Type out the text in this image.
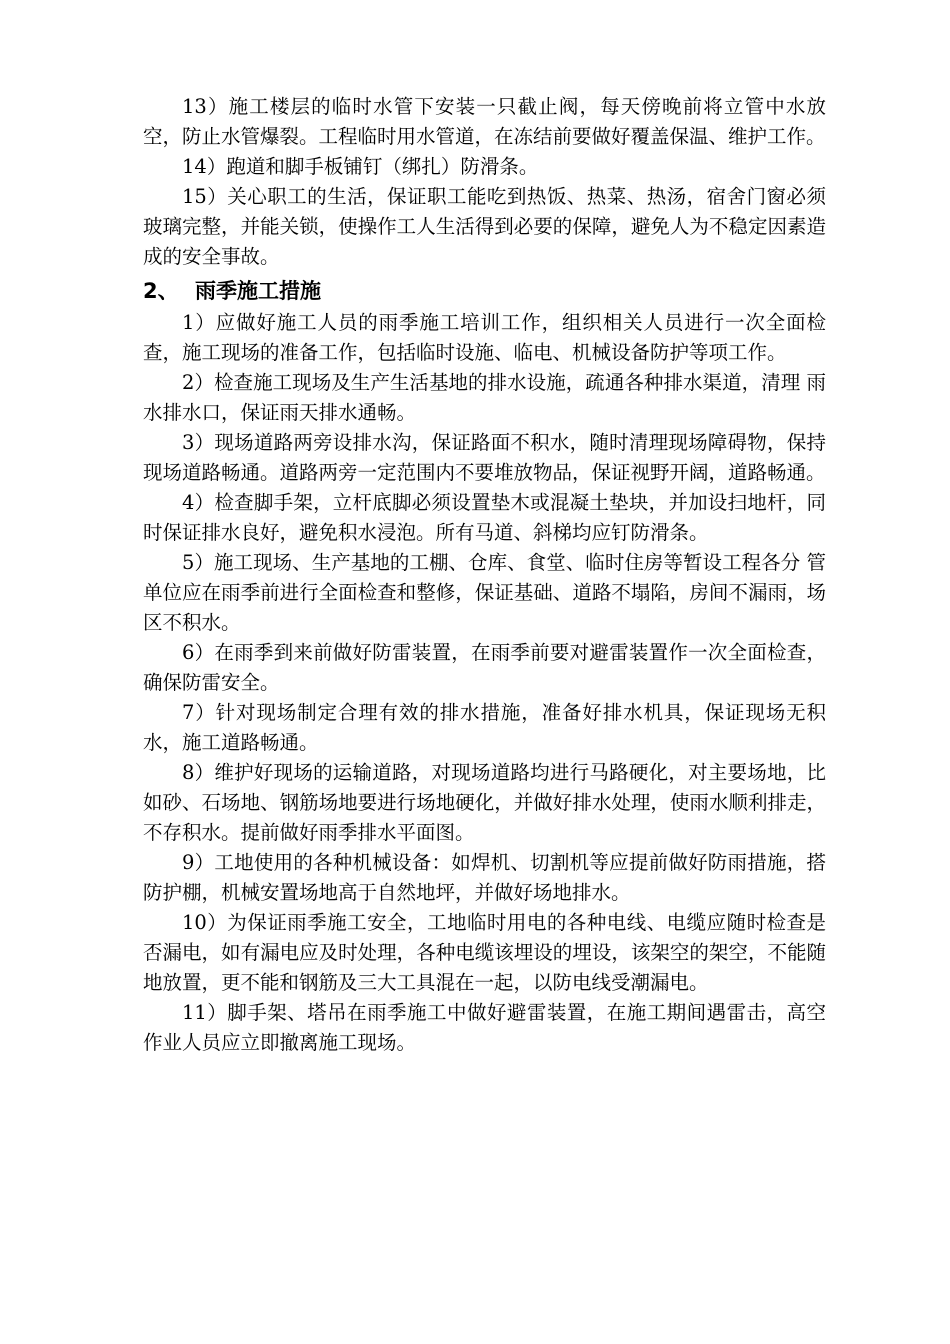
13）施工楼层的临时水管下安装一只截止阀，每天傍晚前将立管中水放空，防止水管爆裂。工程临时用水管道，在冻结前要做好覆盖保温、维护工作。

14）跑道和脚手板铺钉（绑扎）防滑条。

15）关心职工的生活，保证职工能吃到热饭、热菜、热汤，宿舍门窗必须玻璃完整，并能关锁，使操作工人生活得到必要的保障，避免人为不稳定因素造成的安全事故。

2、 雨季施工措施

1）应做好施工人员的雨季施工培训工作，组织相关人员进行一次全面检查，施工现场的准备工作，包括临时设施、临电、机械设备防护等项工作。

2）检查施工现场及生产生活基地的排水设施，疏通各种排水渠道，清理 雨水排水口，保证雨天排水通畅。

3）现场道路两旁设排水沟，保证路面不积水，随时清理现场障碍物，保持现场道路畅通。道路两旁一定范围内不要堆放物品，保证视野开阔，道路畅通。

4）检查脚手架，立杆底脚必须设置垫木或混凝土垫块，并加设扫地杆，同时保证排水良好，避免积水浸泡。所有马道、斜梯均应钉防滑条。

5）施工现场、生产基地的工棚、仓库、食堂、临时住房等暂设工程各分 管单位应在雨季前进行全面检查和整修，保证基础、道路不塌陷，房间不漏雨，场区不积水。

6）在雨季到来前做好防雷装置，在雨季前要对避雷装置作一次全面检查，确保防雷安全。

7）针对现场制定合理有效的排水措施，准备好排水机具，保证现场无积水，施工道路畅通。

8）维护好现场的运输道路，对现场道路均进行马路硬化，对主要场地，比如砂、石场地、钢筋场地要进行场地硬化，并做好排水处理，使雨水顺利排走，不存积水。提前做好雨季排水平面图。

9）工地使用的各种机械设备：如焊机、切割机等应提前做好防雨措施，搭防护棚，机械安置场地高于自然地坪，并做好场地排水。

10）为保证雨季施工安全，工地临时用电的各种电线、电缆应随时检查是 否漏电，如有漏电应及时处理，各种电缆该埋设的埋设，该架空的架空，不能随 地放置，更不能和钢筋及三大工具混在一起，以防电线受潮漏电。

11）脚手架、塔吊在雨季施工中做好避雷装置，在施工期间遇雷击，高空作业人员应立即撤离施工现场。
